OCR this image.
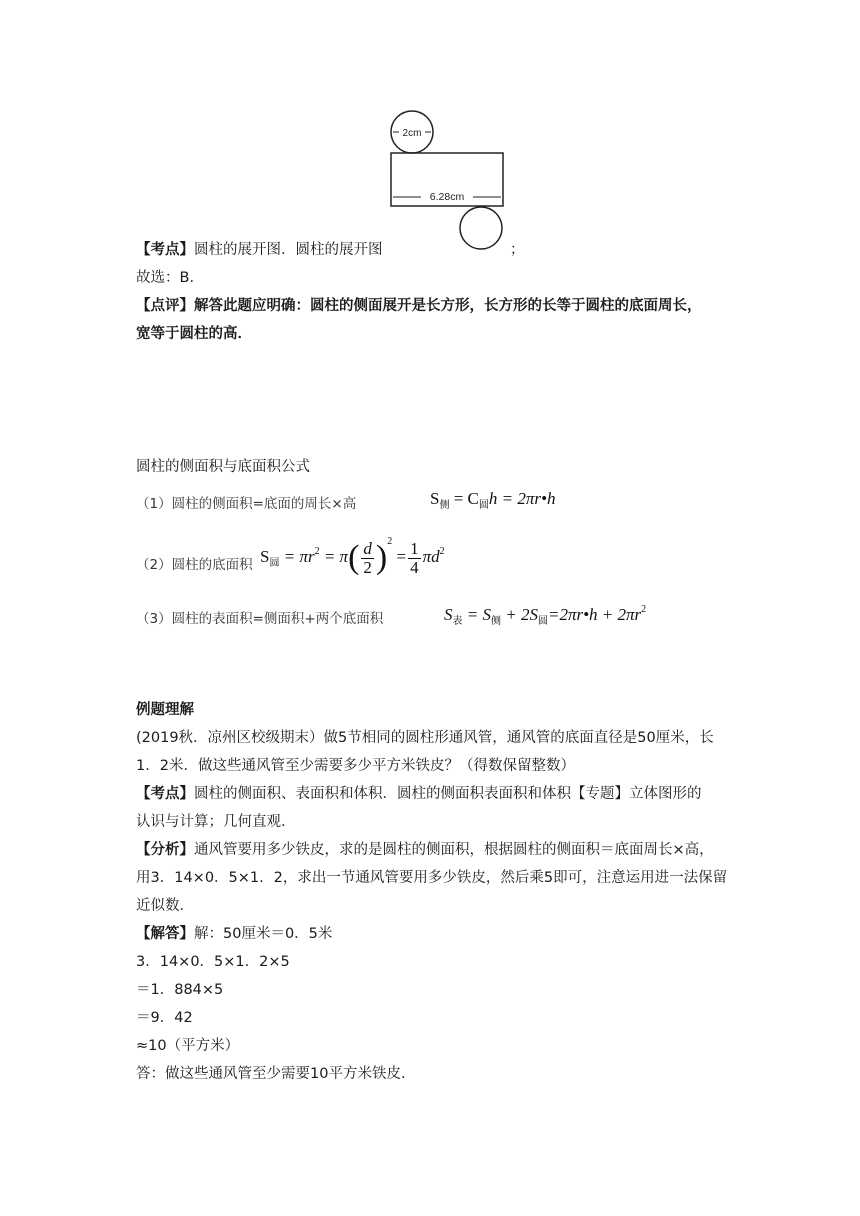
2cm
6.28cm
【考点】圆柱的展开图．圆柱的展开图	；
故选：B．
【点评】解答此题应明确：圆柱的侧面展开是长方形，长方形的长等于圆柱的底面周长，
宽等于圆柱的高．
圆柱的侧面积与底面积公式
（1）圆柱的侧面积=底面的周长×高	$S_侧 = C_圆h$ = 2πr•h
（2）圆柱的底面积 $S_圆 = \pi r^2 = \pi( \frac{d}{2} )^2 = \frac{1}{4} \pi d^2$
（3）圆柱的表面积=侧面积+两个底面积	$S_表 = S_侧$ + $2S_圆=2\pi r•h + 2\pi r^2$
例题理解
(2019秋．凉州区校级期末）做5节相同的圆柱形通风管，通风管的底面直径是50厘米，长
1．2米．做这些通风管至少需要多少平方米铁皮？（得数保留整数）
【考点】圆柱的侧面积、表面积和体积．圆柱的侧面积表面积和体积【专题】立体图形的
认识与计算；几何直观．
【分析】通风管要用多少铁皮，求的是圆柱的侧面积，根据圆柱的侧面积＝底面周长×高，
用3．14×0．5×1．2，求出一节通风管要用多少铁皮，然后乘5即可，注意运用进一法保留
近似数．
【解答】解：50厘米＝0．5米
3．14×0．5×1．2×5
＝1．884×5
＝9．42
≈10（平方米）
答：做这些通风管至少需要10平方米铁皮．
